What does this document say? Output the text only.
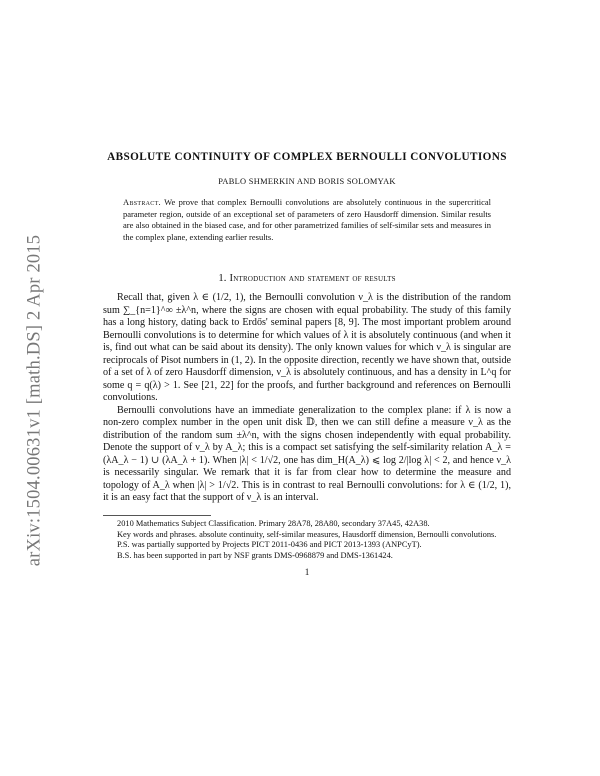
arXiv:1504.00631v1 [math.DS] 2 Apr 2015
ABSOLUTE CONTINUITY OF COMPLEX BERNOULLI CONVOLUTIONS
PABLO SHMERKIN AND BORIS SOLOMYAK
Abstract. We prove that complex Bernoulli convolutions are absolutely continuous in the supercritical parameter region, outside of an exceptional set of parameters of zero Hausdorff dimension. Similar results are also obtained in the biased case, and for other parametrized families of self-similar sets and measures in the complex plane, extending earlier results.
1. Introduction and statement of results

Recall that, given λ ∈ (1/2, 1), the Bernoulli convolution ν_λ is the distribution of the random sum ∑_{n=1}^∞ ±λ^n, where the signs are chosen with equal probability. The study of this family has a long history, dating back to Erdős' seminal papers [8, 9]. The most important problem around Bernoulli convolutions is to determine for which values of λ it is absolutely continuous (and when it is, find out what can be said about its density). The only known values for which ν_λ is singular are reciprocals of Pisot numbers in (1, 2). In the opposite direction, recently we have shown that, outside of a set of λ of zero Hausdorff dimension, ν_λ is absolutely continuous, and has a density in L^q for some q = q(λ) > 1. See [21, 22] for the proofs, and further background and references on Bernoulli convolutions.

Bernoulli convolutions have an immediate generalization to the complex plane: if λ is now a non-zero complex number in the open unit disk 𝔻, then we can still define a measure ν_λ as the distribution of the random sum ±λ^n, with the signs chosen independently with equal probability. Denote the support of ν_λ by A_λ; this is a compact set satisfying the self-similarity relation A_λ = (λA_λ − 1) ∪ (λA_λ + 1). When |λ| < 1/√2, one has dim_H(A_λ) ⩽ log 2/|log λ| < 2, and hence ν_λ is necessarily singular. We remark that it is far from clear how to determine the measure and topology of A_λ when |λ| > 1/√2. This is in contrast to real Bernoulli convolutions: for λ ∈ (1/2, 1), it is an easy fact that the support of ν_λ is an interval.

2010 Mathematics Subject Classification. Primary 28A78, 28A80, secondary 37A45, 42A38.

Key words and phrases. absolute continuity, self-similar measures, Hausdorff dimension, Bernoulli convolutions.

P.S. was partially supported by Projects PICT 2011-0436 and PICT 2013-1393 (ANPCyT).

B.S. has been supported in part by NSF grants DMS-0968879 and DMS-1361424.

1
